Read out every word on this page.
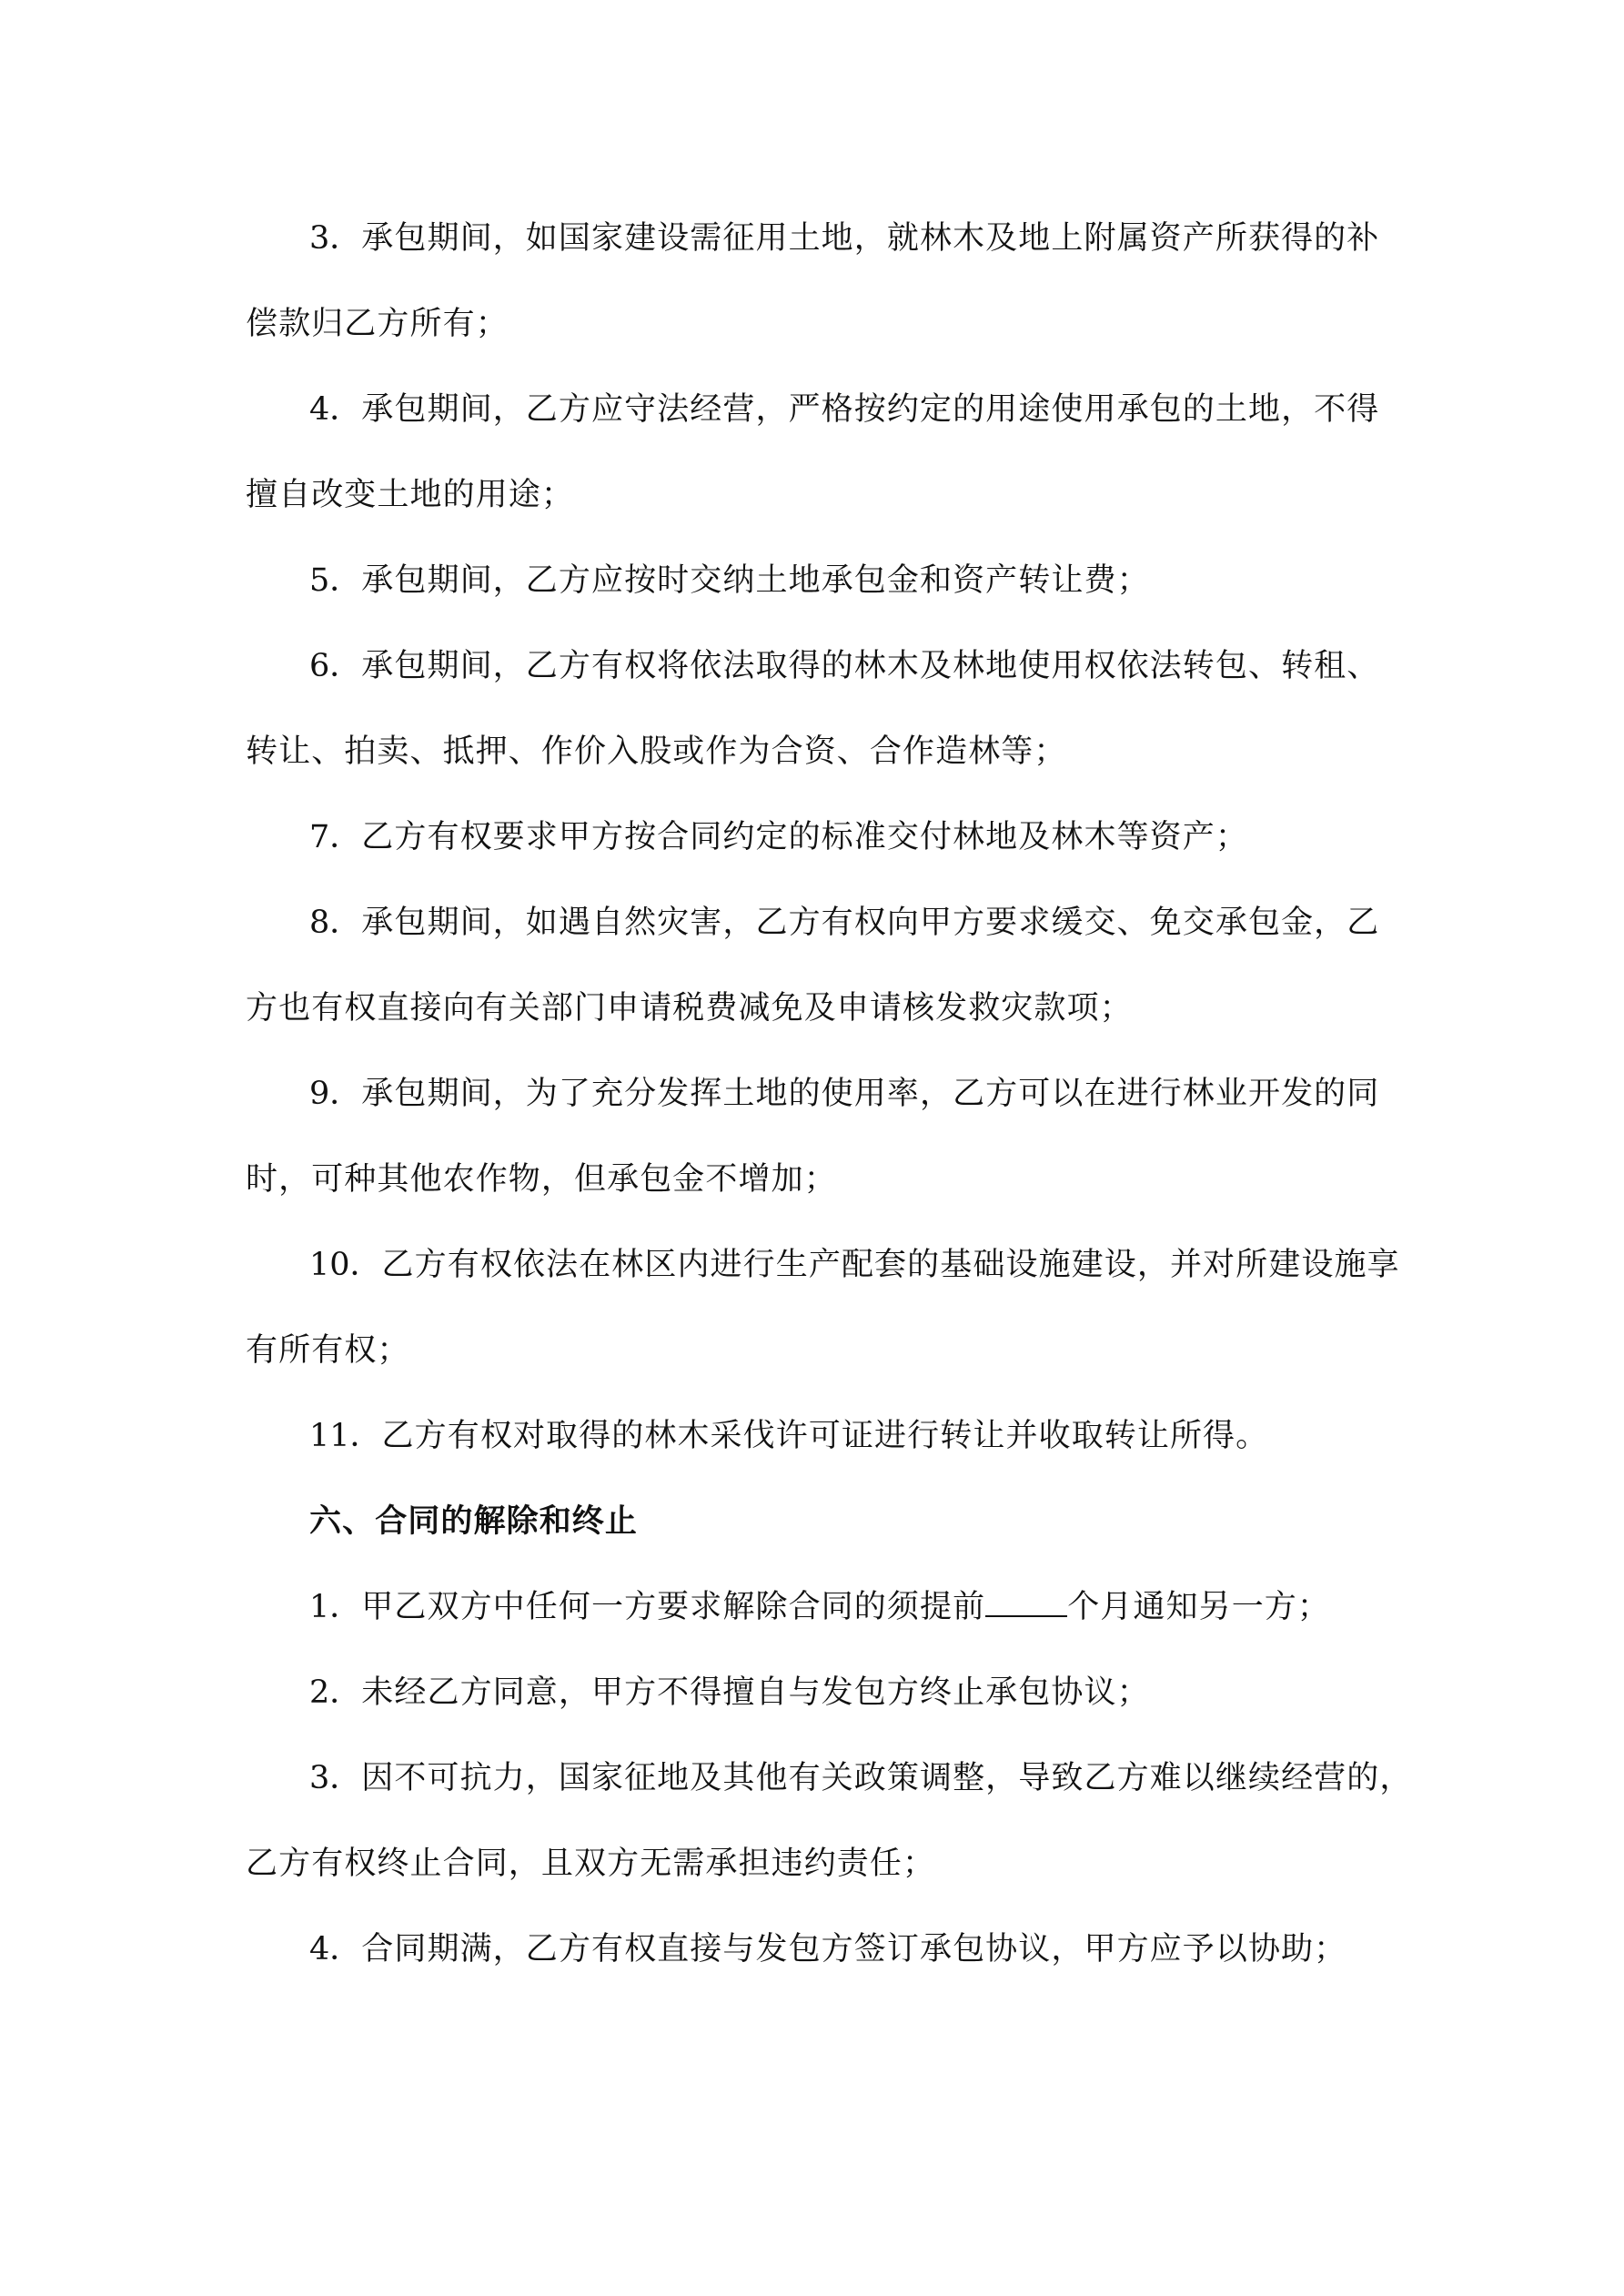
3．承包期间，如国家建设需征用土地，就林木及地上附属资产所获得的补
偿款归乙方所有；
4．承包期间，乙方应守法经营，严格按约定的用途使用承包的土地，不得
擅自改变土地的用途；
5．承包期间，乙方应按时交纳土地承包金和资产转让费；
6．承包期间，乙方有权将依法取得的林木及林地使用权依法转包、转租、
转让、拍卖、抵押、作价入股或作为合资、合作造林等；
7．乙方有权要求甲方按合同约定的标准交付林地及林木等资产；
8．承包期间，如遇自然灾害，乙方有权向甲方要求缓交、免交承包金，乙
方也有权直接向有关部门申请税费减免及申请核发救灾款项；
9．承包期间，为了充分发挥土地的使用率，乙方可以在进行林业开发的同
时，可种其他农作物，但承包金不增加；
10．乙方有权依法在林区内进行生产配套的基础设施建设，并对所建设施享
有所有权；
11．乙方有权对取得的林木采伐许可证进行转让并收取转让所得。
六、合同的解除和终止
1．甲乙双方中任何一方要求解除合同的须提前	个月通知另一方；
2．未经乙方同意，甲方不得擅自与发包方终止承包协议；
3．因不可抗力，国家征地及其他有关政策调整，导致乙方难以继续经营的，
乙方有权终止合同，且双方无需承担违约责任；
4．合同期满，乙方有权直接与发包方签订承包协议，甲方应予以协助；
